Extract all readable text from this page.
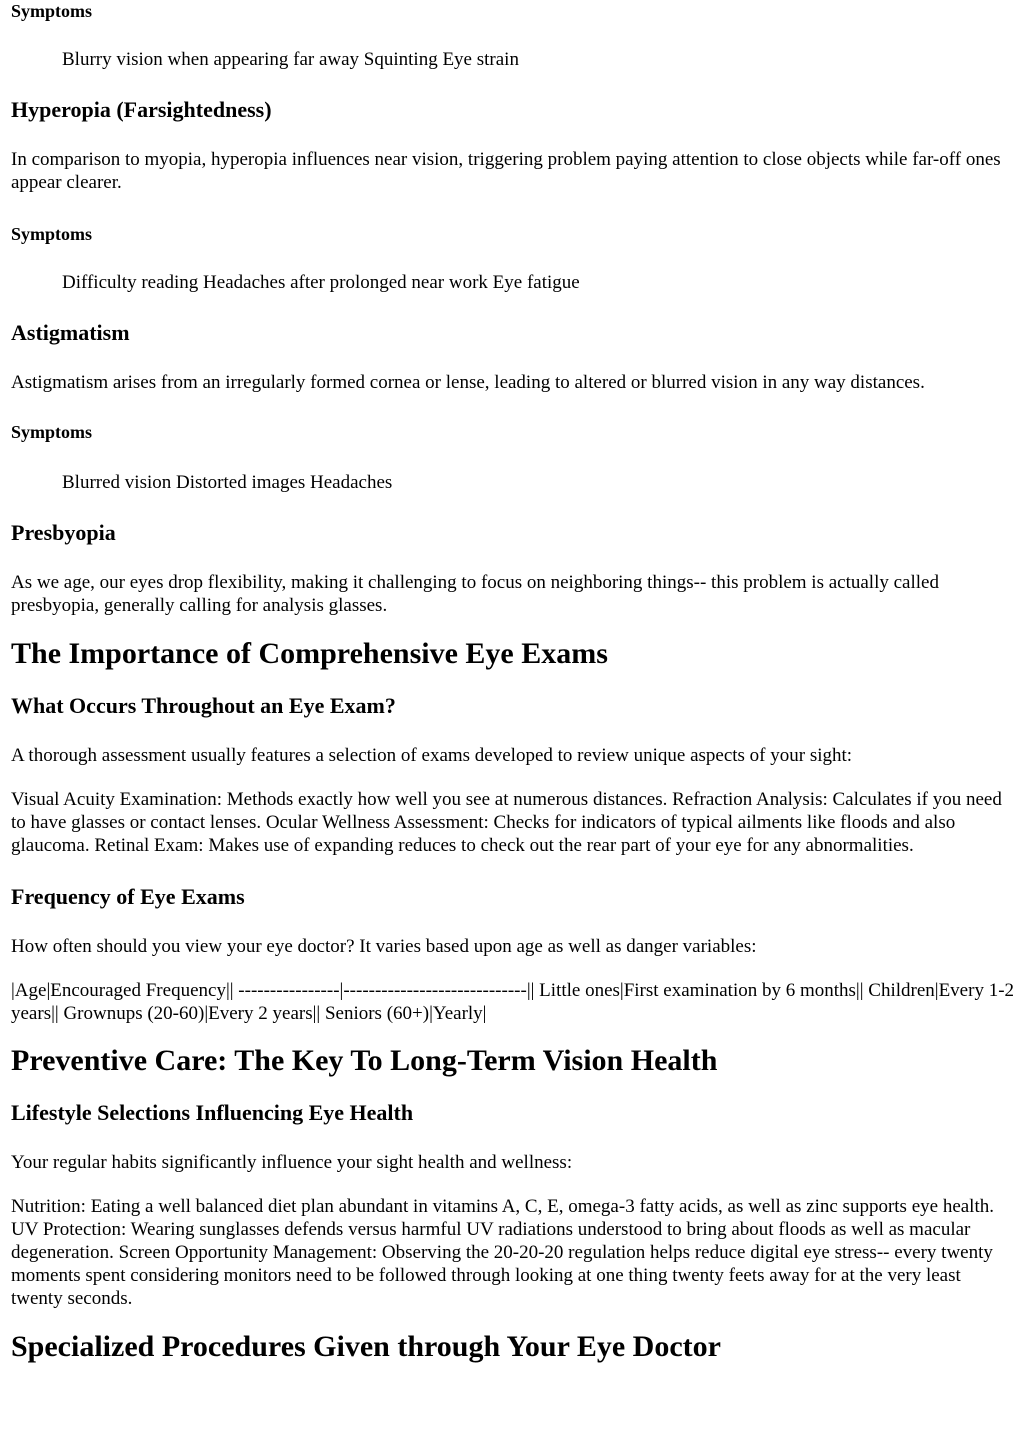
Symptoms
Blurry vision when appearing far away Squinting Eye strain
Hyperopia (Farsightedness)

In comparison to myopia, hyperopia influences near vision, triggering problem paying attention to close objects while far-off ones appear clearer.

Symptoms
Difficulty reading Headaches after prolonged near work Eye fatigue
Astigmatism

Astigmatism arises from an irregularly formed cornea or lense, leading to altered or blurred vision in any way distances.

Symptoms
Blurred vision Distorted images Headaches
Presbyopia

As we age, our eyes drop flexibility, making it challenging to focus on neighboring things-- this problem is actually called presbyopia, generally calling for analysis glasses.

The Importance of Comprehensive Eye Exams
What Occurs Throughout an Eye Exam?

A thorough assessment usually features a selection of exams developed to review unique aspects of your sight:

Visual Acuity Examination: Methods exactly how well you see at numerous distances. Refraction Analysis: Calculates if you need to have glasses or contact lenses. Ocular Wellness Assessment: Checks for indicators of typical ailments like floods and also glaucoma. Retinal Exam: Makes use of expanding reduces to check out the rear part of your eye for any abnormalities.

Frequency of Eye Exams

How often should you view your eye doctor? It varies based upon age as well as danger variables:

|Age|Encouraged Frequency|| ----------------|-----------------------------|| Little ones|First examination by 6 months|| Children|Every 1-2 years|| Grownups (20-60)|Every 2 years|| Seniors (60+)|Yearly|

Preventive Care: The Key To Long-Term Vision Health
Lifestyle Selections Influencing Eye Health

Your regular habits significantly influence your sight health and wellness:

Nutrition: Eating a well balanced diet plan abundant in vitamins A, C, E, omega-3 fatty acids, as well as zinc supports eye health. UV Protection: Wearing sunglasses defends versus harmful UV radiations understood to bring about floods as well as macular degeneration. Screen Opportunity Management: Observing the 20-20-20 regulation helps reduce digital eye stress-- every twenty moments spent considering monitors need to be followed through looking at one thing twenty feets away for at the very least twenty seconds.

Specialized Procedures Given through Your Eye Doctor
